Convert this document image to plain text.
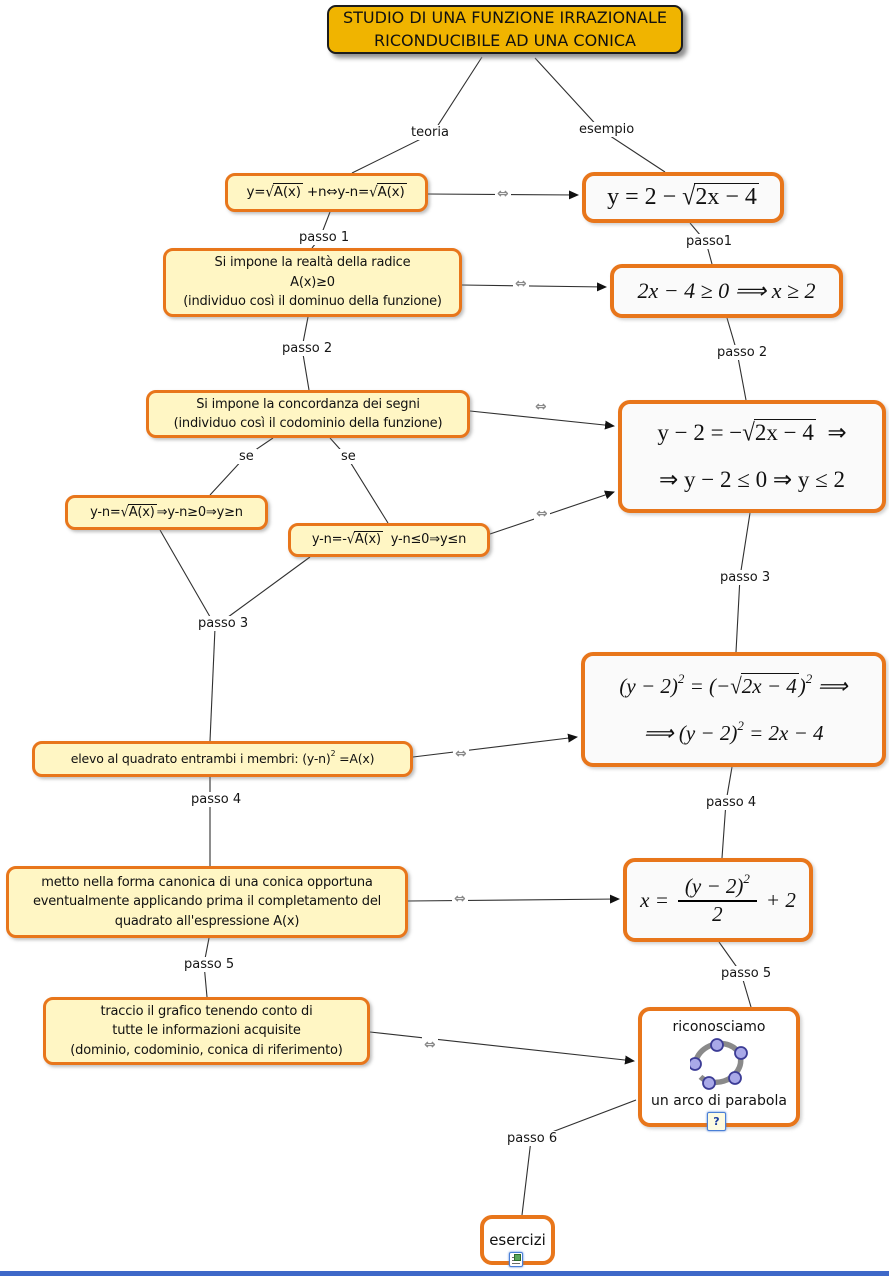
STUDIO DI UNA FUNZIONE IRRAZIONALE
RICONDUCIBILE AD UNA CONICA
y=√A(x) +n⇔y-n=√A(x)
Si impone la realtà della radice
A(x)≥0
(individuo così il dominuo della funzione)
Si impone la concordanza dei segni
(individuo così il codominio della funzione)
y-n=√A(x) ⇒y-n≥0⇒y≥n
y-n=-√A(x)  y-n≤0⇒y≤n
elevo al quadrato entrambi i membri: $(y-n)^2 =A(x)$
metto nella forma canonica di una conica opportuna
eventualmente applicando prima il completamento del
quadrato all'espressione A(x)
traccio il grafico tenendo conto di
tutte le informazioni acquisite
(dominio, codominio, conica di riferimento)
y = 2 − √2x − 4
2x − 4 ≥ 0 ⟹ x ≥ 2
y − 2 = −√2x − 4  ⇒
⇒ y − 2 ≤ 0 ⇒ y ≤ 2
$(y - 2)^2 = (-√2x - 4)^2$ ⟹
⟹ $(y - 2)^2 = 2x - 4$
$x = \frac{(y - 2)^2}{2} + 2$
riconosciamo
un arco di parabola
esercizi
teoria	esempio
passo 1	passo1
passo 2	passo 2
se	se
passo 3
passo 3
passo 4	passo 4
passo 5
passo 5
passo 6
⇔
⇔
⇔
⇔
⇔
⇔
⇔
?
